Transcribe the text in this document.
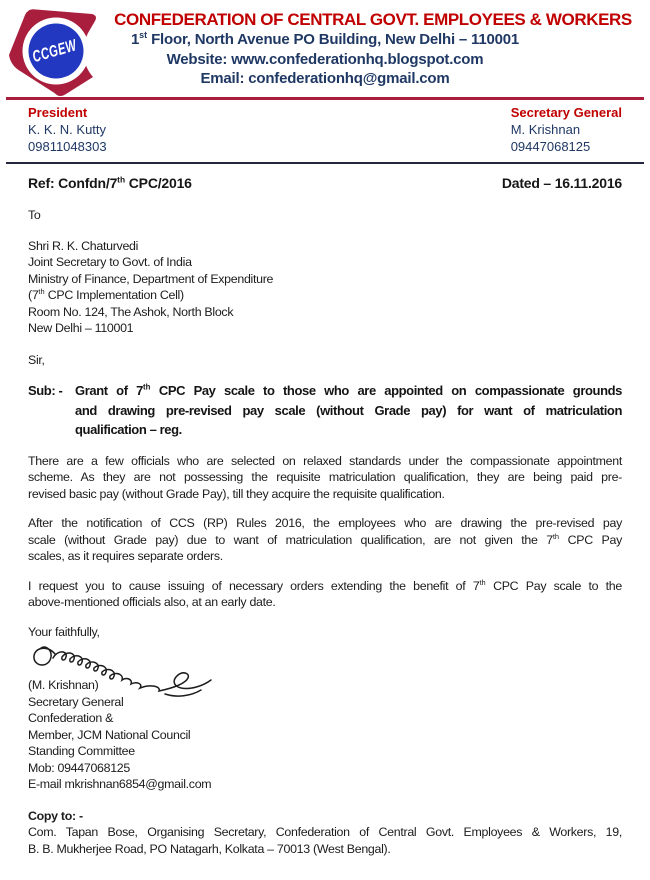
CCGEW
CONFEDERATION OF CENTRAL GOVT. EMPLOYEES & WORKERS
1st Floor, North Avenue PO Building, New Delhi – 110001
Website: www.confederationhq.blogspot.com
Email: confederationhq@gmail.com
President
K. K. N. Kutty
09811048303
Secretary General
M. Krishnan
09447068125
Ref: Confdn/7th CPC/2016	Dated – 16.11.2016
To
Shri R. K. Chaturvedi
Joint Secretary to Govt. of India
Ministry of Finance, Department of Expenditure
(7th CPC Implementation Cell)
Room No. 124, The Ashok, North Block
New Delhi – 110001
Sir,
Sub: - Grant of 7th CPC Pay scale to those who are appointed on compassionate grounds
and drawing pre-revised pay scale (without Grade pay) for want of matriculation
qualification – reg.
There are a few officials who are selected on relaxed standards under the compassionate appointment
scheme. As they are not possessing the requisite matriculation qualification, they are being paid pre-
revised basic pay (without Grade Pay), till they acquire the requisite qualification.
After the notification of CCS (RP) Rules 2016, the employees who are drawing the pre-revised pay
scale (without Grade pay) due to want of matriculation qualification, are not given the 7th CPC Pay
scales, as it requires separate orders.
I request you to cause issuing of necessary orders extending the benefit of 7th CPC Pay scale to the
above-mentioned officials also, at an early date.
Your faithfully,
(M. Krishnan)
Secretary General
Confederation &
Member, JCM National Council
Standing Committee
Mob: 09447068125
E-mail mkrishnan6854@gmail.com
Copy to: -
Com. Tapan Bose, Organising Secretary, Confederation of Central Govt. Employees & Workers, 19,
B. B. Mukherjee Road, PO Natagarh, Kolkata – 70013 (West Bengal).
